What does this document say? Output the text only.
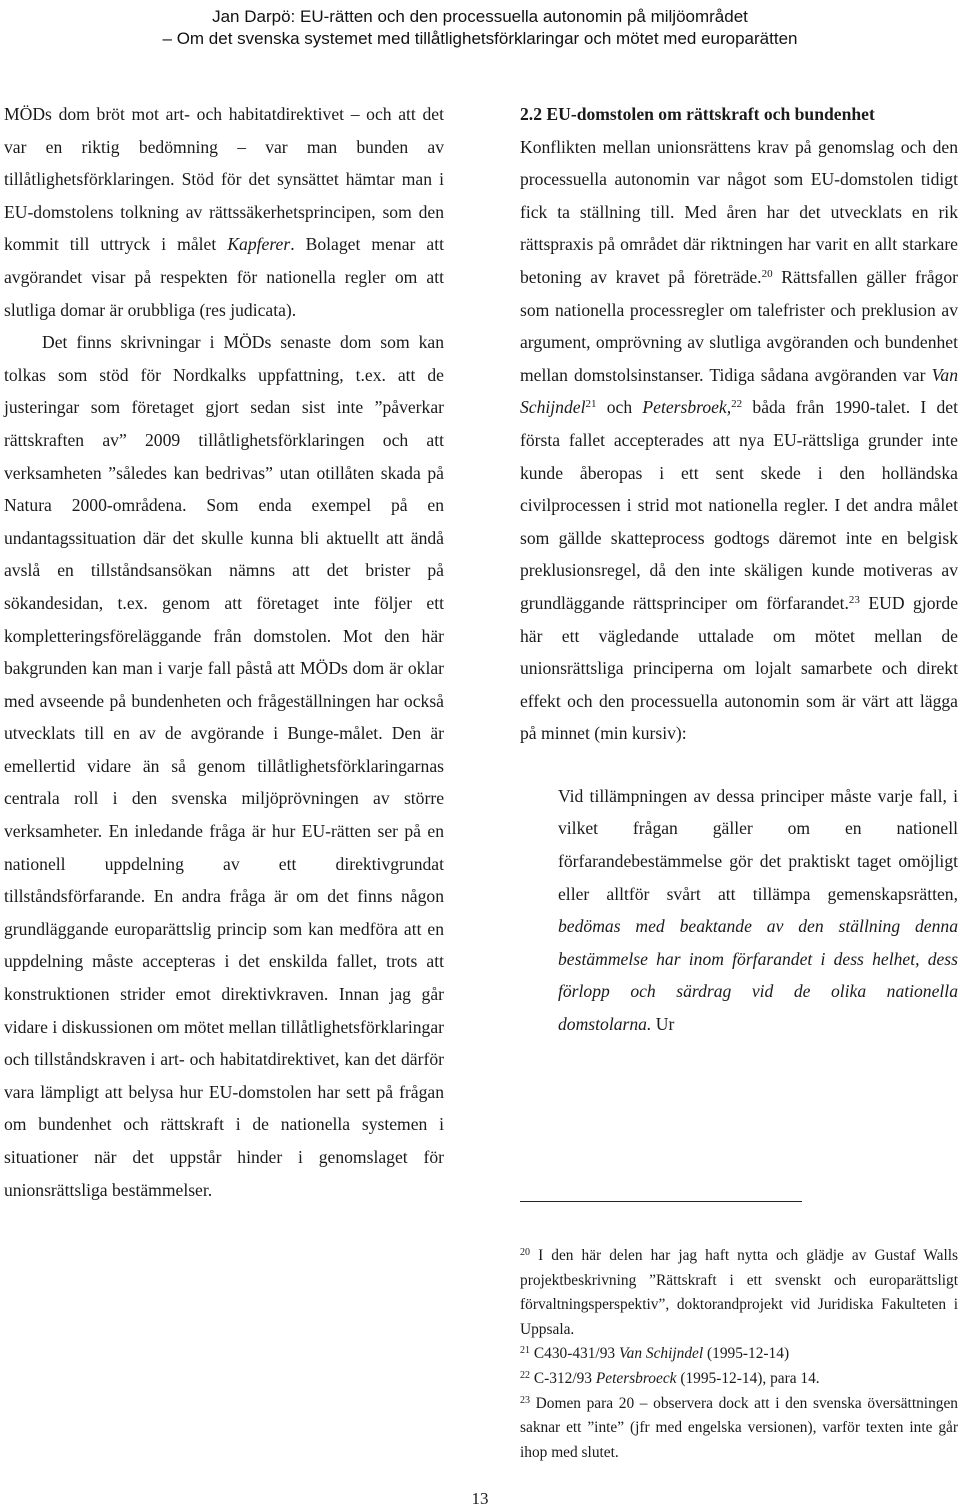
Jan Darpö: EU-rätten och den processuella autonomin på miljöområdet
– Om det svenska systemet med tillåtlighetsförklaringar och mötet med europarätten

MÖDs dom bröt mot art- och habitatdirektivet – och att det var en riktig bedömning – var man bunden av tillåtlighetsförklaringen. Stöd för det synsättet hämtar man i EU-domstolens tolkning av rättssäkerhetsprincipen, som den kommit till uttryck i målet Kapferer. Bolaget menar att avgörandet visar på respekten för nationella regler om att slutliga domar är orubbliga (res judicata).

Det finns skrivningar i MÖDs senaste dom som kan tolkas som stöd för Nordkalks uppfattning, t.ex. att de justeringar som företaget gjort sedan sist inte ”påverkar rättskraften av” 2009 tillåtlighetsförklaringen och att verksamheten ”således kan bedrivas” utan otillåten skada på Natura 2000-områdena. Som enda exempel på en undantagssituation där det skulle kunna bli aktuellt att ändå avslå en tillståndsansökan nämns att det brister på sökandesidan, t.ex. genom att företaget inte följer ett kompletteringsföreläggande från domstolen. Mot den här bakgrunden kan man i varje fall påstå att MÖDs dom är oklar med avseende på bundenheten och frågeställningen har också utvecklats till en av de avgörande i Bunge-målet. Den är emellertid vidare än så genom tillåtlighetsförklaringarnas centrala roll i den svenska miljöprövningen av större verksamheter. En inledande fråga är hur EU-rätten ser på en nationell uppdelning av ett direktivgrundat tillståndsförfarande. En andra fråga är om det finns någon grundläggande europarättslig princip som kan medföra att en uppdelning måste accepteras i det enskilda fallet, trots att konstruktionen strider emot direktivkraven. Innan jag går vidare i diskussionen om mötet mellan tillåtlighetsförklaringar och tillståndskraven i art- och habitatdirektivet, kan det därför vara lämpligt att belysa hur EU-domstolen har sett på frågan om bundenhet och rättskraft i de nationella systemen i situationer när det uppstår hinder i genomslaget för unionsrättsliga bestämmelser.

2.2 EU-domstolen om rättskraft och bundenhet

Konflikten mellan unionsrättens krav på genomslag och den processuella autonomin var något som EU-domstolen tidigt fick ta ställning till. Med åren har det utvecklats en rik rättspraxis på området där riktningen har varit en allt starkare betoning av kravet på företräde.$^{20}$ Rättsfallen gäller frågor som nationella processregler om talefrister och preklusion av argument, omprövning av slutliga avgöranden och bundenhet mellan domstolsinstanser. Tidiga sådana avgöranden var Van Schijndel$^{21}$ och Petersbroek,$^{22}$ båda från 1990-talet. I det första fallet accepterades att nya EU-rättsliga grunder inte kunde åberopas i ett sent skede i den holländska civilprocessen i strid mot nationella regler. I det andra målet som gällde skatteprocess godtogs däremot inte en belgisk preklusionsregel, då den inte skäligen kunde motiveras av grundläggande rättsprinciper om förfarandet.$^{23}$ EUD gjorde här ett vägledande uttalade om mötet mellan de unionsrättsliga principerna om lojalt samarbete och direkt effekt och den processuella autonomin som är värt att lägga på minnet (min kursiv):

Vid tillämpningen av dessa principer måste varje fall, i vilket frågan gäller om en nationell förfarandebestämmelse gör det praktiskt taget omöjligt eller alltför svårt att tillämpa gemenskapsrätten, bedömas med beaktande av den ställning denna bestämmelse har inom förfarandet i dess helhet, dess förlopp och särdrag vid de olika nationella domstolarna. Ur

$^{20}$ I den här delen har jag haft nytta och glädje av Gustaf Walls projektbeskrivning ”Rättskraft i ett svenskt och europarättsligt förvaltningsperspektiv”, doktorandprojekt vid Juridiska Fakulteten i Uppsala.

$^{21}$ C430-431/93 Van Schijndel (1995-12-14)

$^{22}$ C-312/93 Petersbroeck (1995-12-14), para 14.

$^{23}$ Domen para 20 – observera dock att i den svenska översättningen saknar ett ”inte” (jfr med engelska versionen), varför texten inte går ihop med slutet.

13
